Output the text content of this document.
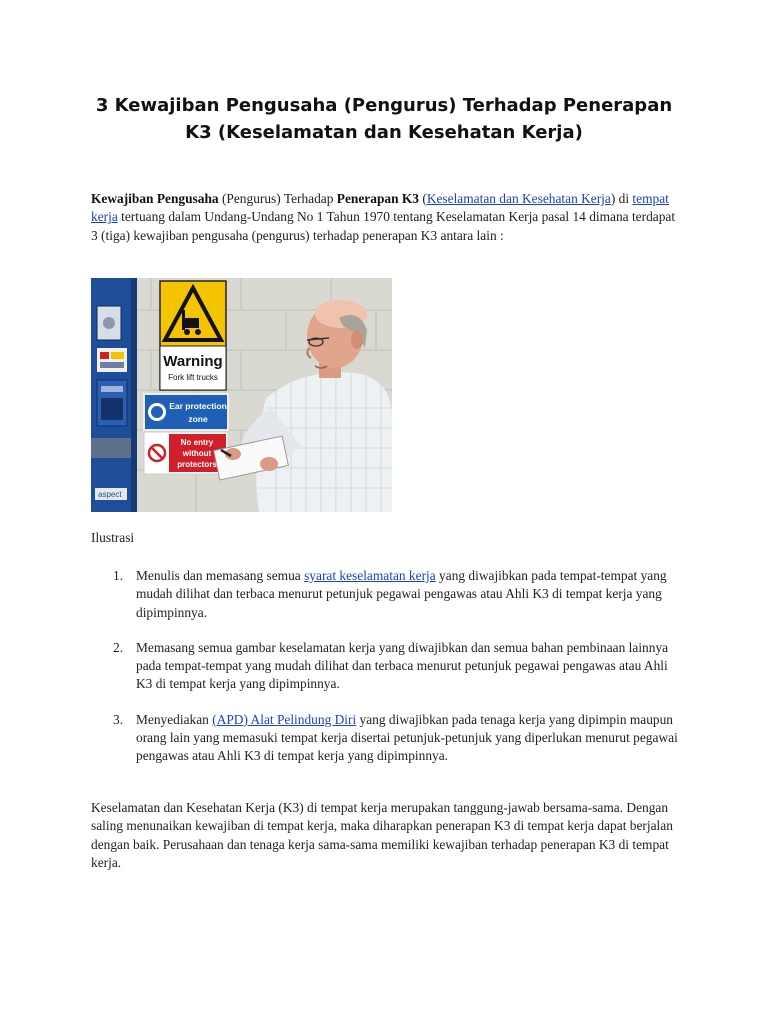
3 Kewajiban Pengusaha (Pengurus) Terhadap Penerapan K3 (Keselamatan dan Kesehatan Kerja)

Kewajiban Pengusaha (Pengurus) Terhadap Penerapan K3 (Keselamatan dan Kesehatan Kerja) di tempat kerja tertuang dalam Undang-Undang No 1 Tahun 1970 tentang Keselamatan Kerja pasal 14 dimana terdapat 3 (tiga) kewajiban pengusaha (pengurus) terhadap penerapan K3 antara lain :

aspect
Warning
Fork lift trucks
Ear protection
zone
No entry
without
protectors
Ilustrasi
1. Menulis dan memasang semua syarat keselamatan kerja yang diwajibkan pada tempat-tempat yang mudah dilihat dan terbaca menurut petunjuk pegawai pengawas atau Ahli K3 di tempat kerja yang dipimpinnya.
2. Memasang semua gambar keselamatan kerja yang diwajibkan dan semua bahan pembinaan lainnya pada tempat-tempat yang mudah dilihat dan terbaca menurut petunjuk pegawai pengawas atau Ahli K3 di tempat kerja yang dipimpinnya.
3. Menyediakan (APD) Alat Pelindung Diri yang diwajibkan pada tenaga kerja yang dipimpin maupun orang lain yang memasuki tempat kerja disertai petunjuk-petunjuk yang diperlukan menurut pegawai pengawas atau Ahli K3 di tempat kerja yang dipimpinnya.

Keselamatan dan Kesehatan Kerja (K3) di tempat kerja merupakan tanggung-jawab bersama-sama. Dengan saling menunaikan kewajiban di tempat kerja, maka diharapkan penerapan K3 di tempat kerja dapat berjalan dengan baik. Perusahaan dan tenaga kerja sama-sama memiliki kewajiban terhadap penerapan K3 di tempat kerja.
